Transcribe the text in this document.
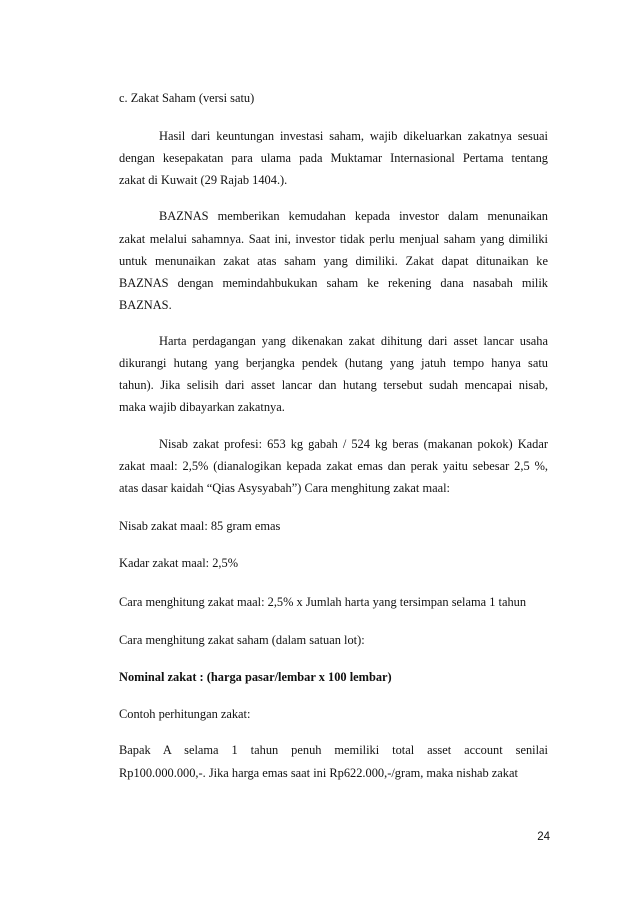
c. Zakat Saham (versi satu)
Hasil dari keuntungan investasi saham, wajib dikeluarkan zakatnya sesuai
dengan kesepakatan para ulama pada Muktamar Internasional Pertama tentang
zakat di Kuwait (29 Rajab 1404.).
BAZNAS memberikan kemudahan kepada investor dalam menunaikan
zakat melalui sahamnya. Saat ini, investor tidak perlu menjual saham yang dimiliki
untuk menunaikan zakat atas saham yang dimiliki. Zakat dapat ditunaikan ke
BAZNAS dengan memindahbukukan saham ke rekening dana nasabah milik
BAZNAS.
Harta perdagangan yang dikenakan zakat dihitung dari asset lancar usaha
dikurangi hutang yang berjangka pendek (hutang yang jatuh tempo hanya satu
tahun). Jika selisih dari asset lancar dan hutang tersebut sudah mencapai nisab,
maka wajib dibayarkan zakatnya.
Nisab zakat profesi: 653 kg gabah / 524 kg beras (makanan pokok) Kadar
zakat maal: 2,5% (dianalogikan kepada zakat emas dan perak yaitu sebesar 2,5 %,
atas dasar kaidah “Qias Asysyabah”) Cara menghitung zakat maal:
Nisab zakat maal: 85 gram emas
Kadar zakat maal: 2,5%
Cara menghitung zakat maal: 2,5% x Jumlah harta yang tersimpan selama 1 tahun
Cara menghitung zakat saham (dalam satuan lot):
Nominal zakat : (harga pasar/lembar x 100 lembar)
Contoh perhitungan zakat:
Bapak A selama 1 tahun penuh memiliki total asset account senilai
Rp100.000.000,-. Jika harga emas saat ini Rp622.000,-/gram, maka nishab zakat
24
